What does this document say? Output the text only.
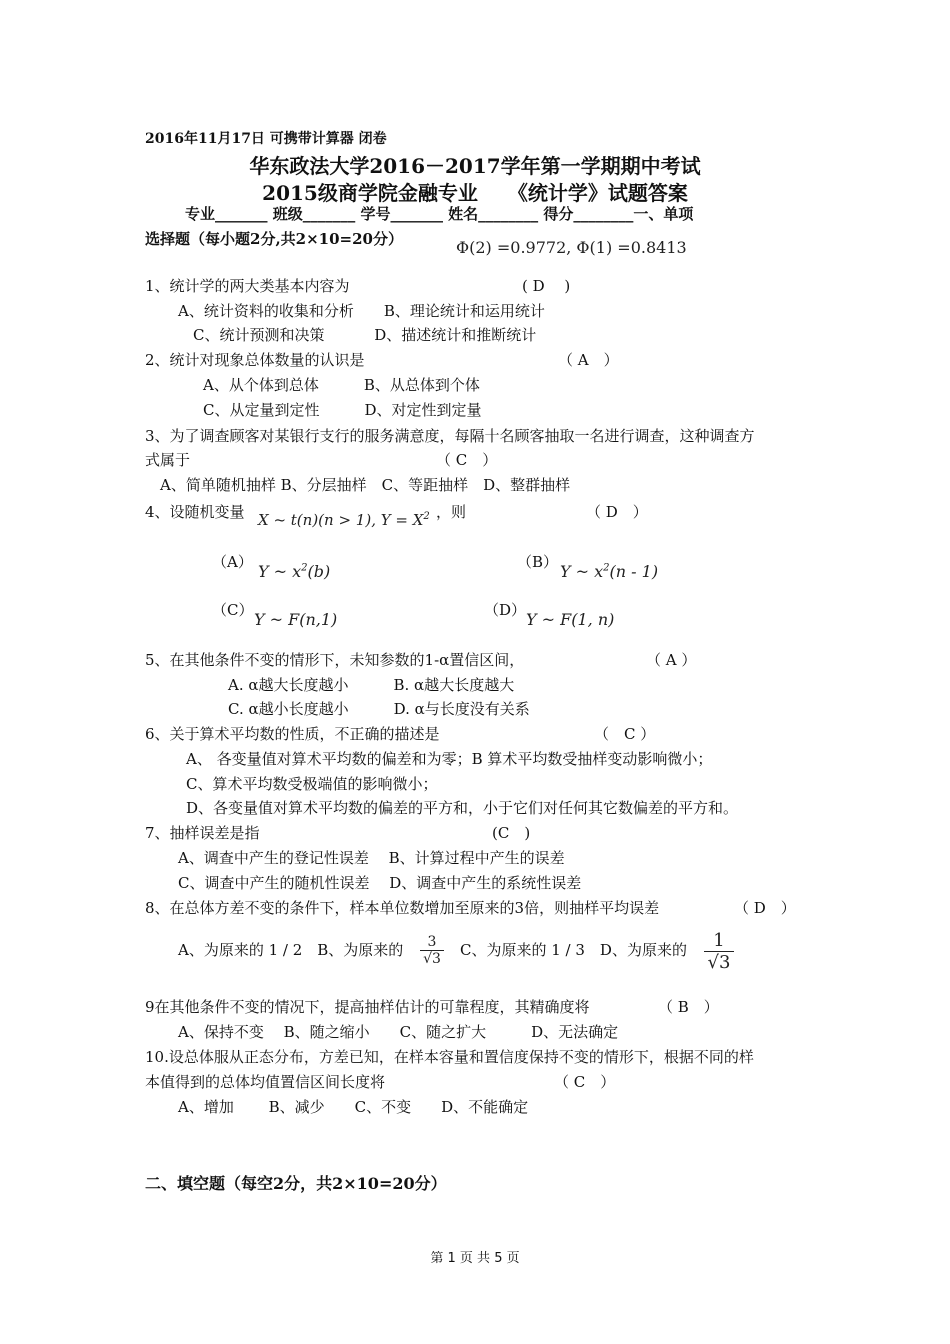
2016年11月17日 可携带计算器 闭卷
华东政法大学2016－2017学年第一学期期中考试
2015级商学院金融专业　　《统计学》试题答案
专业_______ 班级_______ 学号_______ 姓名________ 得分________一、单项
选择题（每小题2分,共2×10=20分）	Φ(2) =0.9772, Φ(1) =0.8413
1、统计学的两大类基本内容为	( D　 )
A、统计资料的收集和分析　　B、理论统计和运用统计
C、统计预测和决策　　　 D、描述统计和推断统计
2、统计对现象总体数量的认识是	（ A　）
A、从个体到总体　　　B、从总体到个体
C、从定量到定性　　　D、对定性到定量
3、为了调查顾客对某银行支行的服务满意度，每隔十名顾客抽取一名进行调查，这种调查方
式属于	（ C　）
A、简单随机抽样 B、分层抽样　C、等距抽样　D、整群抽样
4、设随机变量 X ~ t(n)(n > 1), $Y = X^2$ ，则	（ D　）
（A） Y ~ $x^2(b)$	（B） Y ~ $x^2(n - 1)$
（C） Y ~ F(n,1)	（D） Y ~ F(1, n)
5、在其他条件不变的情形下，未知参数的1-α置信区间，	（ A ）
A. α越大长度越小　　　B. α越大长度越大
C. α越小长度越小　　　D. α与长度没有关系
6、关于算术平均数的性质，不正确的描述是	（　C ）
A、 各变量值对算术平均数的偏差和为零；B 算术平均数受抽样变动影响微小；
C、算术平均数受极端值的影响微小；
D、各变量值对算术平均数的偏差的平方和，小于它们对任何其它数偏差的平方和。
7、抽样误差是指	(C　)
A、调查中产生的登记性误差　 B、计算过程中产生的误差
C、调查中产生的随机性误差　 D、调查中产生的系统性误差
8、在总体方差不变的条件下，样本单位数增加至原来的3倍，则抽样平均误差	（ D　）
A、为原来的 1 / 2　B、为原来的 $\frac{3}{√3}$ C、为原来的 1 / 3　D、为原来的 $\frac{1}{√3}$
9在其他条件不变的情况下，提高抽样估计的可靠程度，其精确度将	（ B　）
A、保持不变　 B、随之缩小　　C、随之扩大　　　D、无法确定
10.设总体服从正态分布，方差已知，在样本容量和置信度保持不变的情形下，根据不同的样
本值得到的总体均值置信区间长度将	（ C　）
A、增加　　 B、减少　　C、不变　　D、不能确定
二、填空题（每空2分，共2×10=20分）
第 1 页 共 5 页
